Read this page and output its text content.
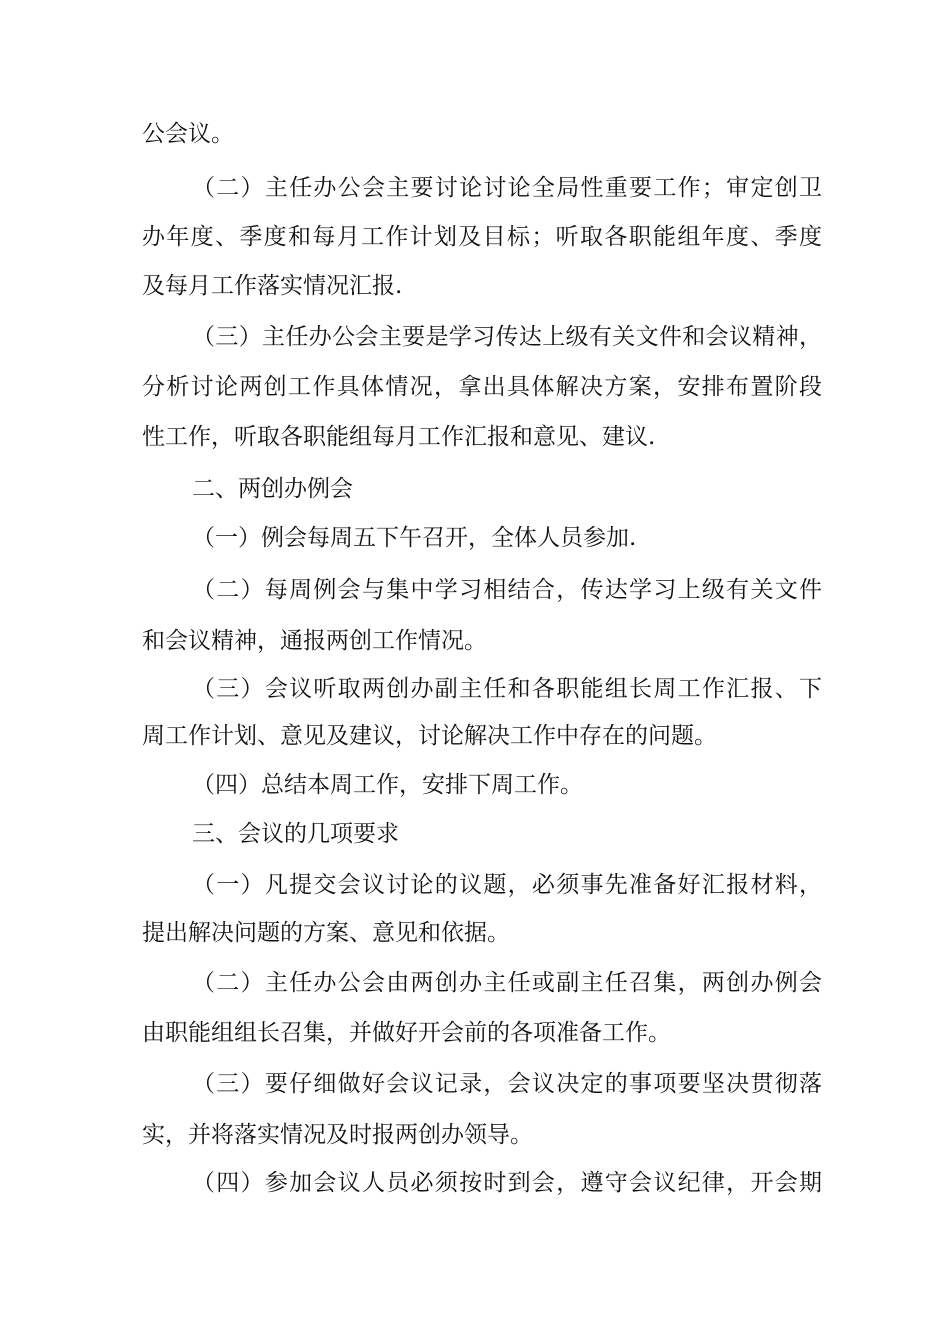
公会议。
（二）主任办公会主要讨论讨论全局性重要工作；审定创卫
办年度、季度和每月工作计划及目标；听取各职能组年度、季度
及每月工作落实情况汇报.
（三）主任办公会主要是学习传达上级有关文件和会议精神，
分析讨论两创工作具体情况，拿出具体解决方案，安排布置阶段
性工作，听取各职能组每月工作汇报和意见、建议.
二、两创办例会
（一）例会每周五下午召开，全体人员参加.
（二）每周例会与集中学习相结合，传达学习上级有关文件
和会议精神，通报两创工作情况。
（三）会议听取两创办副主任和各职能组长周工作汇报、下
周工作计划、意见及建议，讨论解决工作中存在的问题。
（四）总结本周工作，安排下周工作。
三、会议的几项要求
（一）凡提交会议讨论的议题，必须事先准备好汇报材料，
提出解决问题的方案、意见和依据。
（二）主任办公会由两创办主任或副主任召集，两创办例会
由职能组组长召集，并做好开会前的各项准备工作。
（三）要仔细做好会议记录，会议决定的事项要坚决贯彻落
实，并将落实情况及时报两创办领导。
（四）参加会议人员必须按时到会，遵守会议纪律，开会期
